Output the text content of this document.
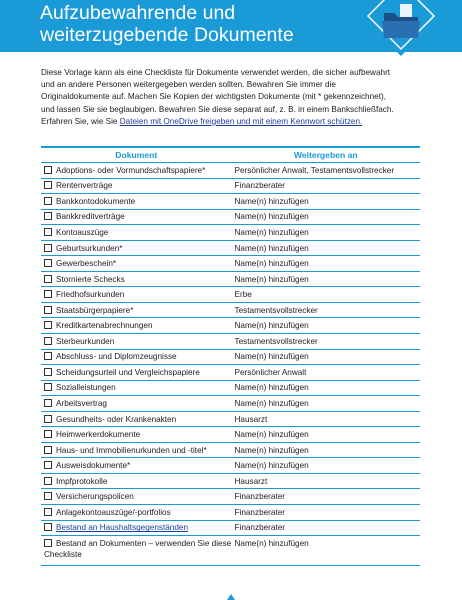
Aufzubewahrende und weiterzugebende Dokumente
Diese Vorlage kann als eine Checkliste für Dokumente verwendet werden, die sicher aufbewahrt und an andere Personen weitergegeben werden sollten. Bewahren Sie immer die Originaldokumente auf. Machen Sie Kopien der wichtigsten Dokumente (mit * gekennzeichnet), und lassen Sie sie beglaubigen. Bewahren Sie diese separat auf, z. B. in einem Bankschließfach. Erfahren Sie, wie Sie Dateien mit OneDrive freigeben und mit einem Kennwort schützen.
Dokument	Weitergeben an
Adoptions- oder Vormundschaftspapiere*	Persönlicher Anwalt, Testamentsvollstrecker
Rentenverträge	Finanzberater
Bankkontodokumente	Name(n) hinzufügen
Bankkreditverträge	Name(n) hinzufügen
Kontoauszüge	Name(n) hinzufügen
Geburtsurkunden*	Name(n) hinzufügen
Gewerbeschein*	Name(n) hinzufügen
Stornierte Schecks	Name(n) hinzufügen
Friedhofsurkunden	Erbe
Staatsbürgerpapiere*	Testamentsvollstrecker
Kreditkartenabrechnungen	Name(n) hinzufügen
Sterbeurkunden	Testamentsvollstrecker
Abschluss- und Diplomzeugnisse	Name(n) hinzufügen
Scheidungsurteil und Vergleichspapiere	Persönlicher Anwalt
Sozialleistungen	Name(n) hinzufügen
Arbeitsvertrag	Name(n) hinzufügen
Gesundheits- oder Krankenakten	Hausarzt
Heimwerkerdokumente	Name(n) hinzufügen
Haus- und Immobilienurkunden und -titel*	Name(n) hinzufügen
Ausweisdokumente*	Name(n) hinzufügen
Impfprotokolle	Hausarzt
Versicherungspolicen	Finanzberater
Anlagekontoauszüge/-portfolios	Finanzberater
Bestand an Haushaltsgegenständen	Finanzberater
Bestand an Dokumenten – verwenden Sie diese Checkliste	Name(n) hinzufügen
